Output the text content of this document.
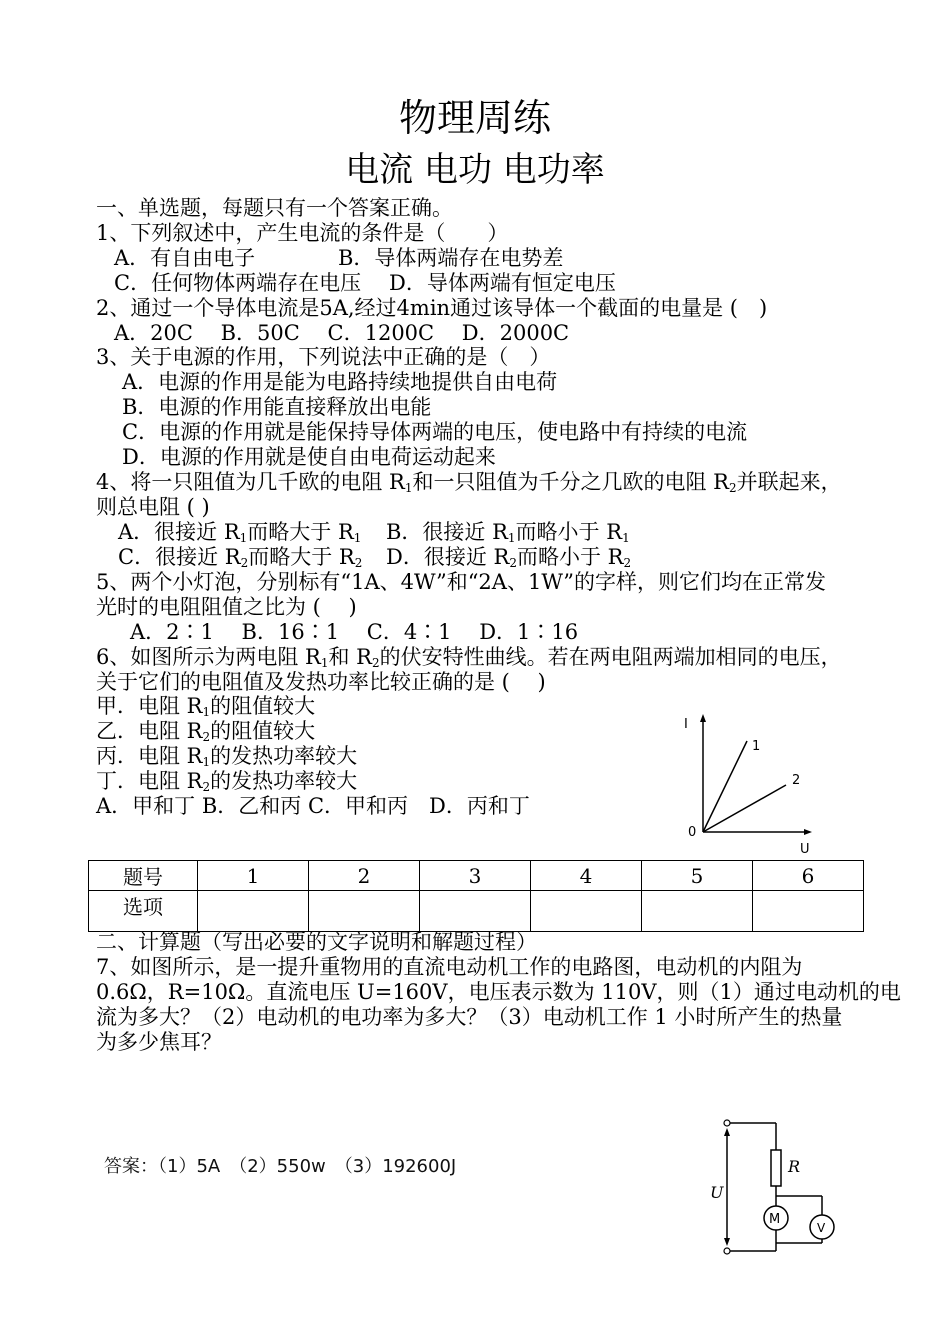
物理周练
电流 电功 电功率
一、单选题，每题只有一个答案正确。
1、下列叙述中，产生电流的条件是（　　）
A．有自由电子	B．导体两端存在电势差
C．任何物体两端存在电压 D．导体两端有恒定电压
2、通过一个导体电流是5A,经过4min通过该导体一个截面的电量是 (　)
A．20C　 B．50C　 C．1200C　 D．2000C
3、关于电源的作用，下列说法中正确的是（　）
A．电源的作用是能为电路持续地提供自由电荷
B．电源的作用能直接释放出电能
C．电源的作用就是能保持导体两端的电压，使电路中有持续的电流
D．电源的作用就是使自由电荷运动起来
4、将一只阻值为几千欧的电阻 $R_1$和一只阻值为千分之几欧的电阻 $R_2$并联起来，
则总电阻 ( )
A．很接近 $R_1$而略大于 $R_1$ B．很接近 $R_1$而略小于 $R_1$
C．很接近 $R_2$而略大于 $R_2$ D．很接近 $R_2$而略小于 $R_2$
5、两个小灯泡，分别标有“1A、4W”和“2A、1W”的字样，则它们均在正常发
光时的电阻阻值之比为 (　 )
A．2∶1　 B．16∶1　 C．4∶1　 D．1∶16
6、如图所示为两电阻 $R_1$和 $R_2$的伏安特性曲线。若在两电阻两端加相同的电压，
关于它们的电阻值及发热功率比较正确的是 (　 )
甲．电阻 $R_1$的阻值较大
乙．电阻 $R_2$的阻值较大
丙．电阻 $R_1$的发热功率较大
丁．电阻 $R_2$的发热功率较大
A．甲和丁 B．乙和丙 C．甲和丙　D．丙和丁
I
U
0
1
2
题号	1	2	3	4	5	6
选项						
二、计算题（写出必要的文字说明和解题过程）
7、如图所示，是一提升重物用的直流电动机工作的电路图，电动机的内阻为
0.6Ω，R=10Ω。直流电压 U=160V，电压表示数为 110V，则（1）通过电动机的电
流为多大？（2）电动机的电功率为多大？（3）电动机工作 1 小时所产生的热量
为多少焦耳？
答案：（1）5A　（2）550w　（3）192600J
U
R
M
V
